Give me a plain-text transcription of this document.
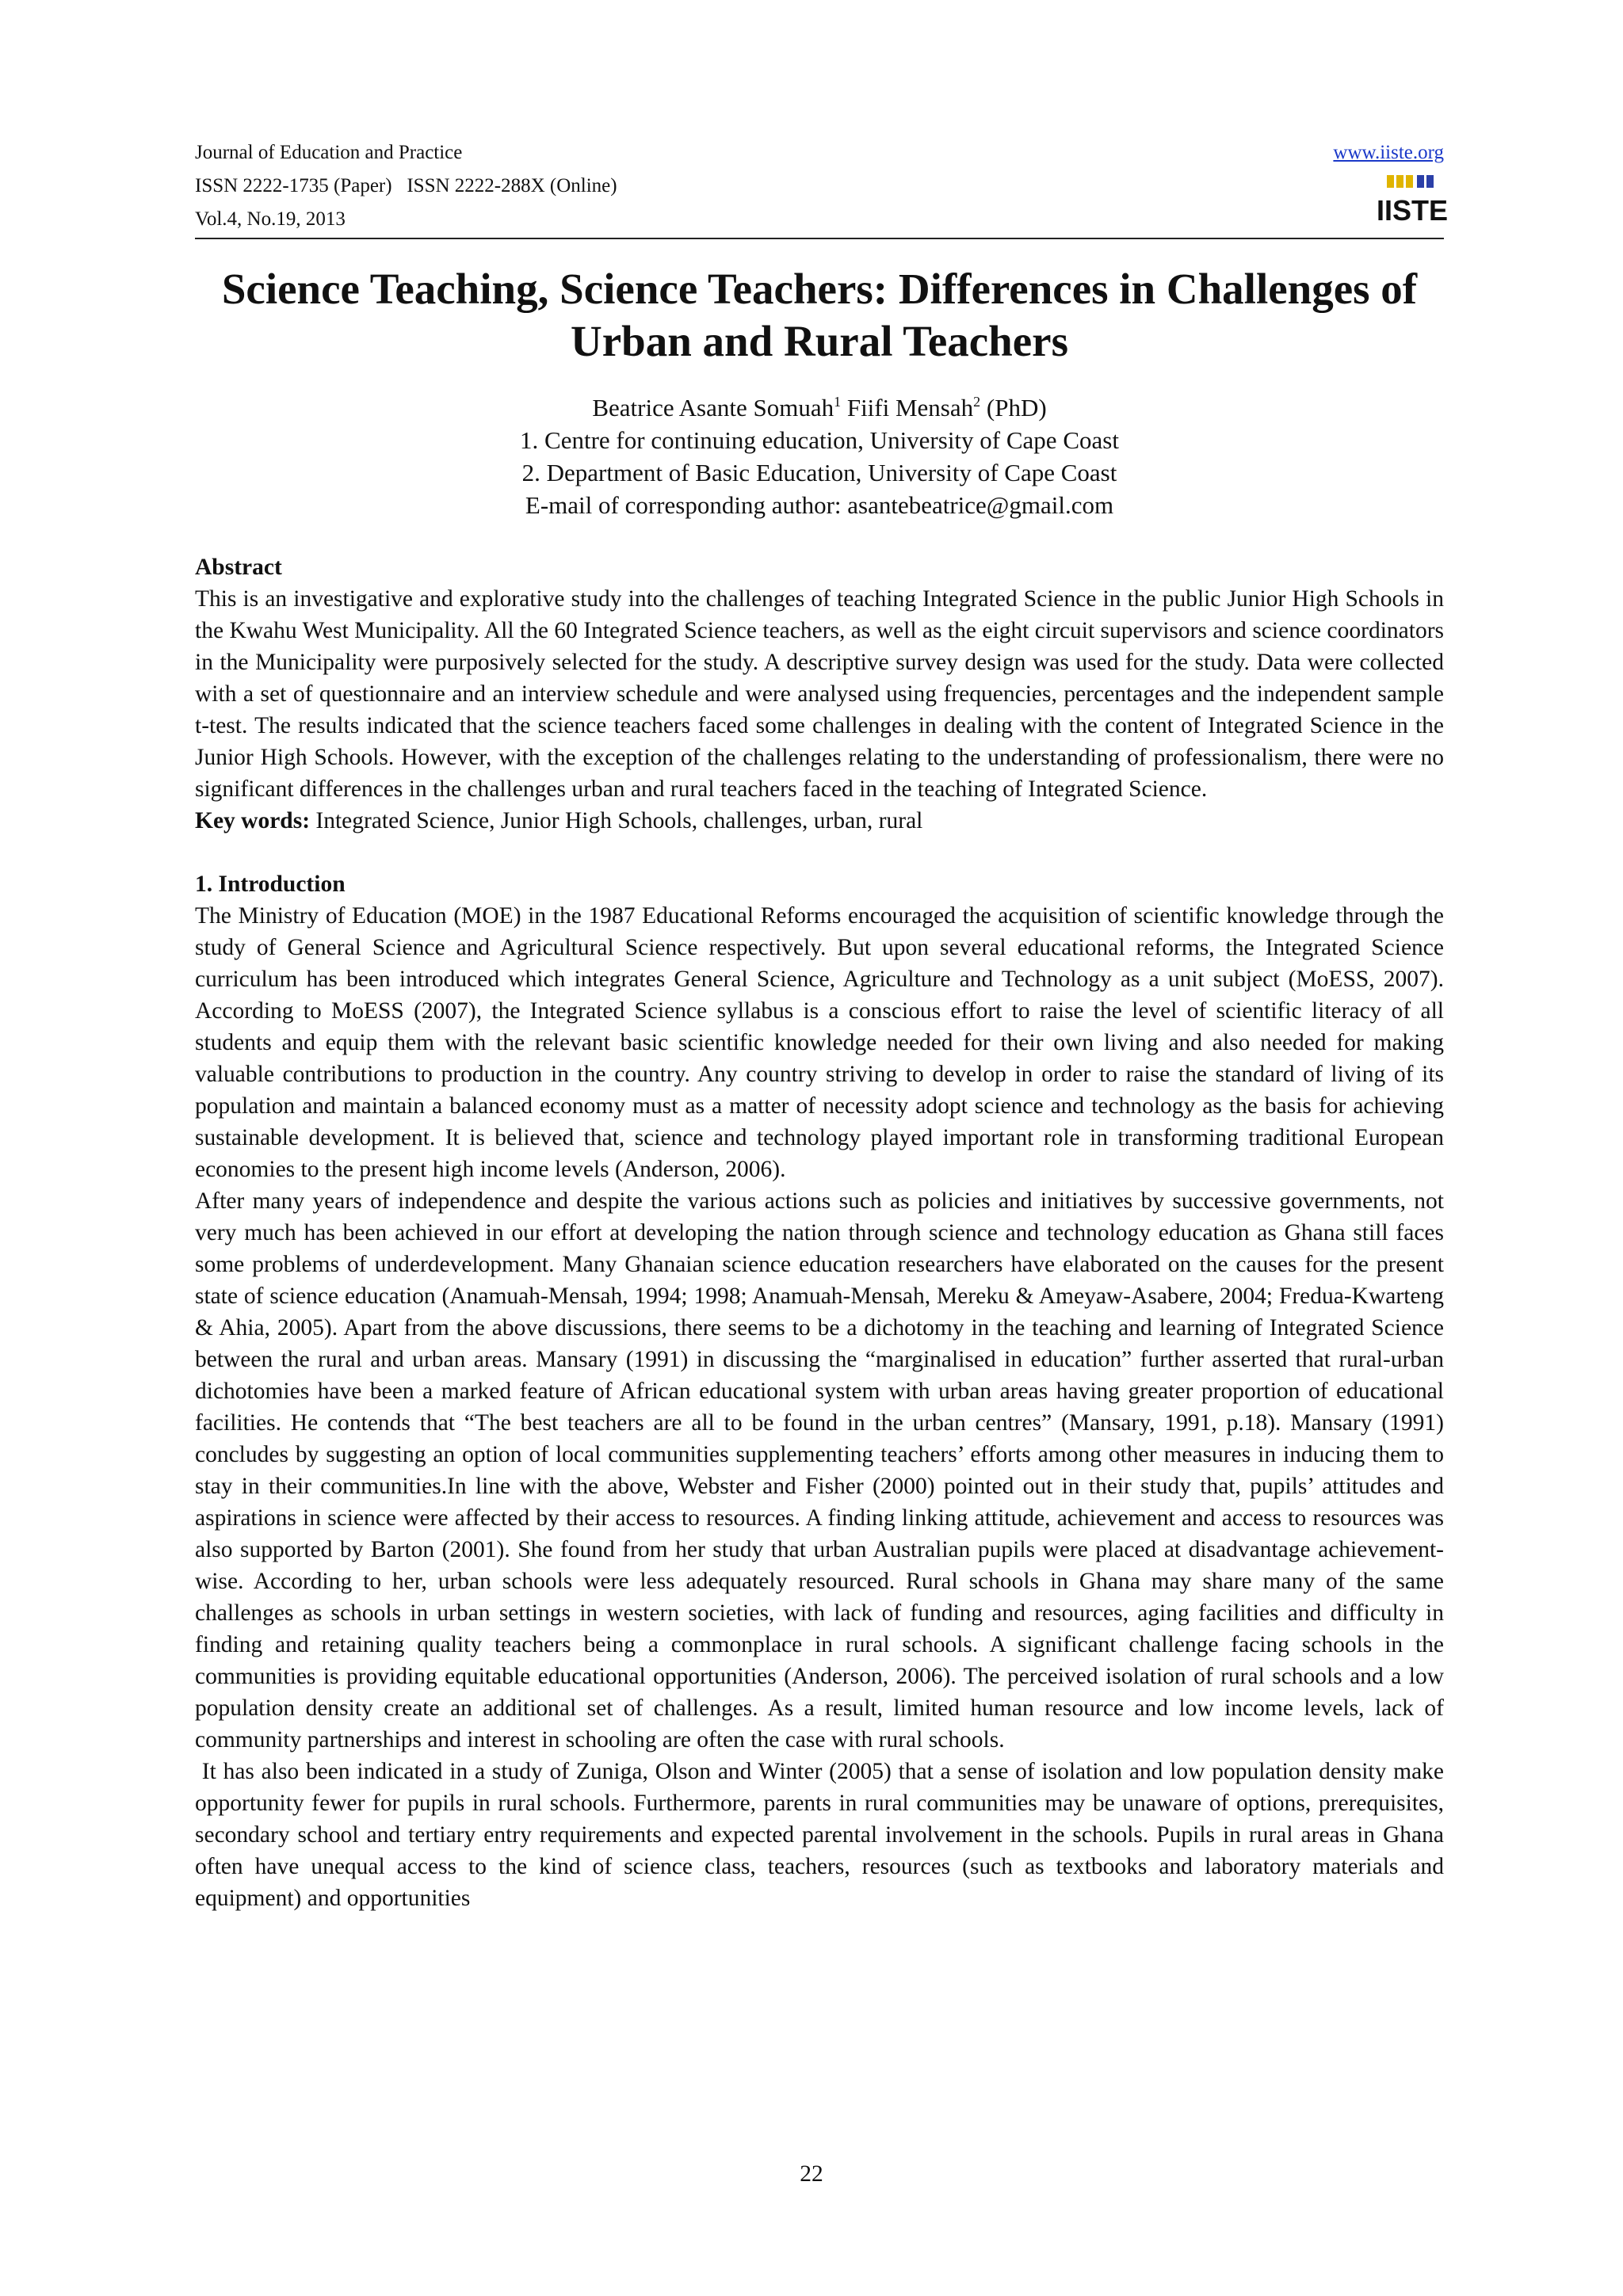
Journal of Education and Practice
ISSN 2222-1735 (Paper)   ISSN 2222-288X (Online)
Vol.4, No.19, 2013
www.iiste.org
IISTE
Science Teaching, Science Teachers: Differences in Challenges of Urban and Rural Teachers
Beatrice Asante Somuah$^1$ Fiifi Mensah$^2$ (PhD)
1. Centre for continuing education, University of Cape Coast
2. Department of Basic Education, University of Cape Coast
E-mail of corresponding author: asantebeatrice@gmail.com
Abstract

This is an investigative and explorative study into the challenges of teaching Integrated Science in the public Junior High Schools in the Kwahu West Municipality. All the 60 Integrated Science teachers, as well as the eight circuit supervisors and science coordinators in the Municipality were purposively selected for the study. A descriptive survey design was used for the study. Data were collected with a set of questionnaire and an interview schedule and were analysed using frequencies, percentages and the independent sample t-test. The results indicated that the science teachers faced some challenges in dealing with the content of Integrated Science in the Junior High Schools. However, with the exception of the challenges relating to the understanding of professionalism, there were no significant differences in the challenges urban and rural teachers faced in the teaching of Integrated Science.

Key words: Integrated Science, Junior High Schools, challenges, urban, rural

1. Introduction

The Ministry of Education (MOE) in the 1987 Educational Reforms encouraged the acquisition of scientific knowledge through the study of General Science and Agricultural Science respectively. But upon several educational reforms, the Integrated Science curriculum has been introduced which integrates General Science, Agriculture and Technology as a unit subject (MoESS, 2007). According to MoESS (2007), the Integrated Science syllabus is a conscious effort to raise the level of scientific literacy of all students and equip them with the relevant basic scientific knowledge needed for their own living and also needed for making valuable contributions to production in the country. Any country striving to develop in order to raise the standard of living of its population and maintain a balanced economy must as a matter of necessity adopt science and technology as the basis for achieving sustainable development. It is believed that, science and technology played important role in transforming traditional European economies to the present high income levels (Anderson, 2006).

After many years of independence and despite the various actions such as policies and initiatives by successive governments, not very much has been achieved in our effort at developing the nation through science and technology education as Ghana still faces some problems of underdevelopment. Many Ghanaian science education researchers have elaborated on the causes for the present state of science education (Anamuah-Mensah, 1994; 1998; Anamuah-Mensah, Mereku & Ameyaw-Asabere, 2004; Fredua-Kwarteng & Ahia, 2005). Apart from the above discussions, there seems to be a dichotomy in the teaching and learning of Integrated Science between the rural and urban areas. Mansary (1991) in discussing the “marginalised in education” further asserted that rural-urban dichotomies have been a marked feature of African educational system with urban areas having greater proportion of educational facilities. He contends that “The best teachers are all to be found in the urban centres” (Mansary, 1991, p.18). Mansary (1991) concludes by suggesting an option of local communities supplementing teachers’ efforts among other measures in inducing them to stay in their communities.In line with the above, Webster and Fisher (2000) pointed out in their study that, pupils’ attitudes and aspirations in science were affected by their access to resources. A finding linking attitude, achievement and access to resources was also supported by Barton (2001). She found from her study that urban Australian pupils were placed at disadvantage achievement-wise. According to her, urban schools were less adequately resourced. Rural schools in Ghana may share many of the same challenges as schools in urban settings in western societies, with lack of funding and resources, aging facilities and difficulty in finding and retaining quality teachers being a commonplace in rural schools. A significant challenge facing schools in the communities is providing equitable educational opportunities (Anderson, 2006). The perceived isolation of rural schools and a low population density create an additional set of challenges. As a result, limited human resource and low income levels, lack of community partnerships and interest in schooling are often the case with rural schools.

It has also been indicated in a study of Zuniga, Olson and Winter (2005) that a sense of isolation and low population density make opportunity fewer for pupils in rural schools. Furthermore, parents in rural communities may be unaware of options, prerequisites, secondary school and tertiary entry requirements and expected parental involvement in the schools. Pupils in rural areas in Ghana often have unequal access to the kind of science class, teachers, resources (such as textbooks and laboratory materials and equipment) and opportunities

22
